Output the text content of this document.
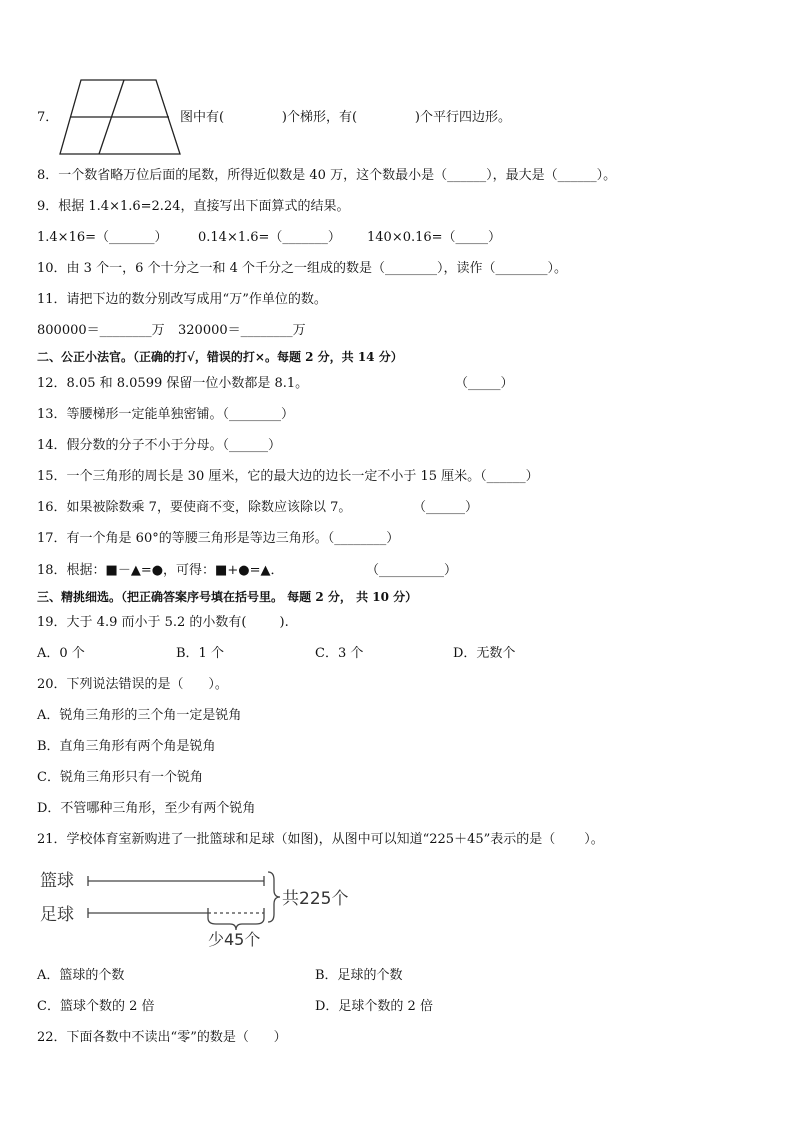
7．	图中有(              )个梯形，有(              )个平行四边形。
8．一个数省略万位后面的尾数，所得近似数是 40 万，这个数最小是（______），最大是（______）。
9．根据 1.4×1.6=2.24，直接写出下面算式的结果。
1.4×16=（_______） 0.14×1.6=（_______） 140×0.16=（_____）
10．由 3 个一，6 个十分之一和 4 个千分之一组成的数是（________），读作（________）。
11．请把下边的数分别改写成用“万”作单位的数。
800000＝________万 320000＝________万
二、公正小法官。（正确的打√，错误的打×。每题 2 分，共 14 分）
12．8.05 和 8.0599 保留一位小数都是 8.1。	（_____）
13．等腰梯形一定能单独密铺。（________）
14．假分数的分子不小于分母。（______）
15．一个三角形的周长是 30 厘米，它的最大边的边长一定不小于 15 厘米。（______）
16．如果被除数乘 7，要使商不变，除数应该除以 7。	（______）
17．有一个角是 60°的等腰三角形是等边三角形。（________）
18．根据：■－▲=●，可得：■+●=▲．	（__________）
三、精挑细选。（把正确答案序号填在括号里。 每题 2 分， 共 10 分）
19．大于 4.9 而小于 5.2 的小数有(        ).
A．0 个	B．1 个	C．3 个	D．无数个
20．下列说法错误的是（      ）。
A．锐角三角形的三个角一定是锐角
B．直角三角形有两个角是锐角
C．锐角三角形只有一个锐角
D．不管哪种三角形，至少有两个锐角
21．学校体育室新购进了一批篮球和足球（如图)，从图中可以知道“225＋45”表示的是（       ）。
篮球
足球
共225个
少45个
A．篮球的个数	B．足球的个数
C．篮球个数的 2 倍	D．足球个数的 2 倍
22．下面各数中不读出“零”的数是（      ）
